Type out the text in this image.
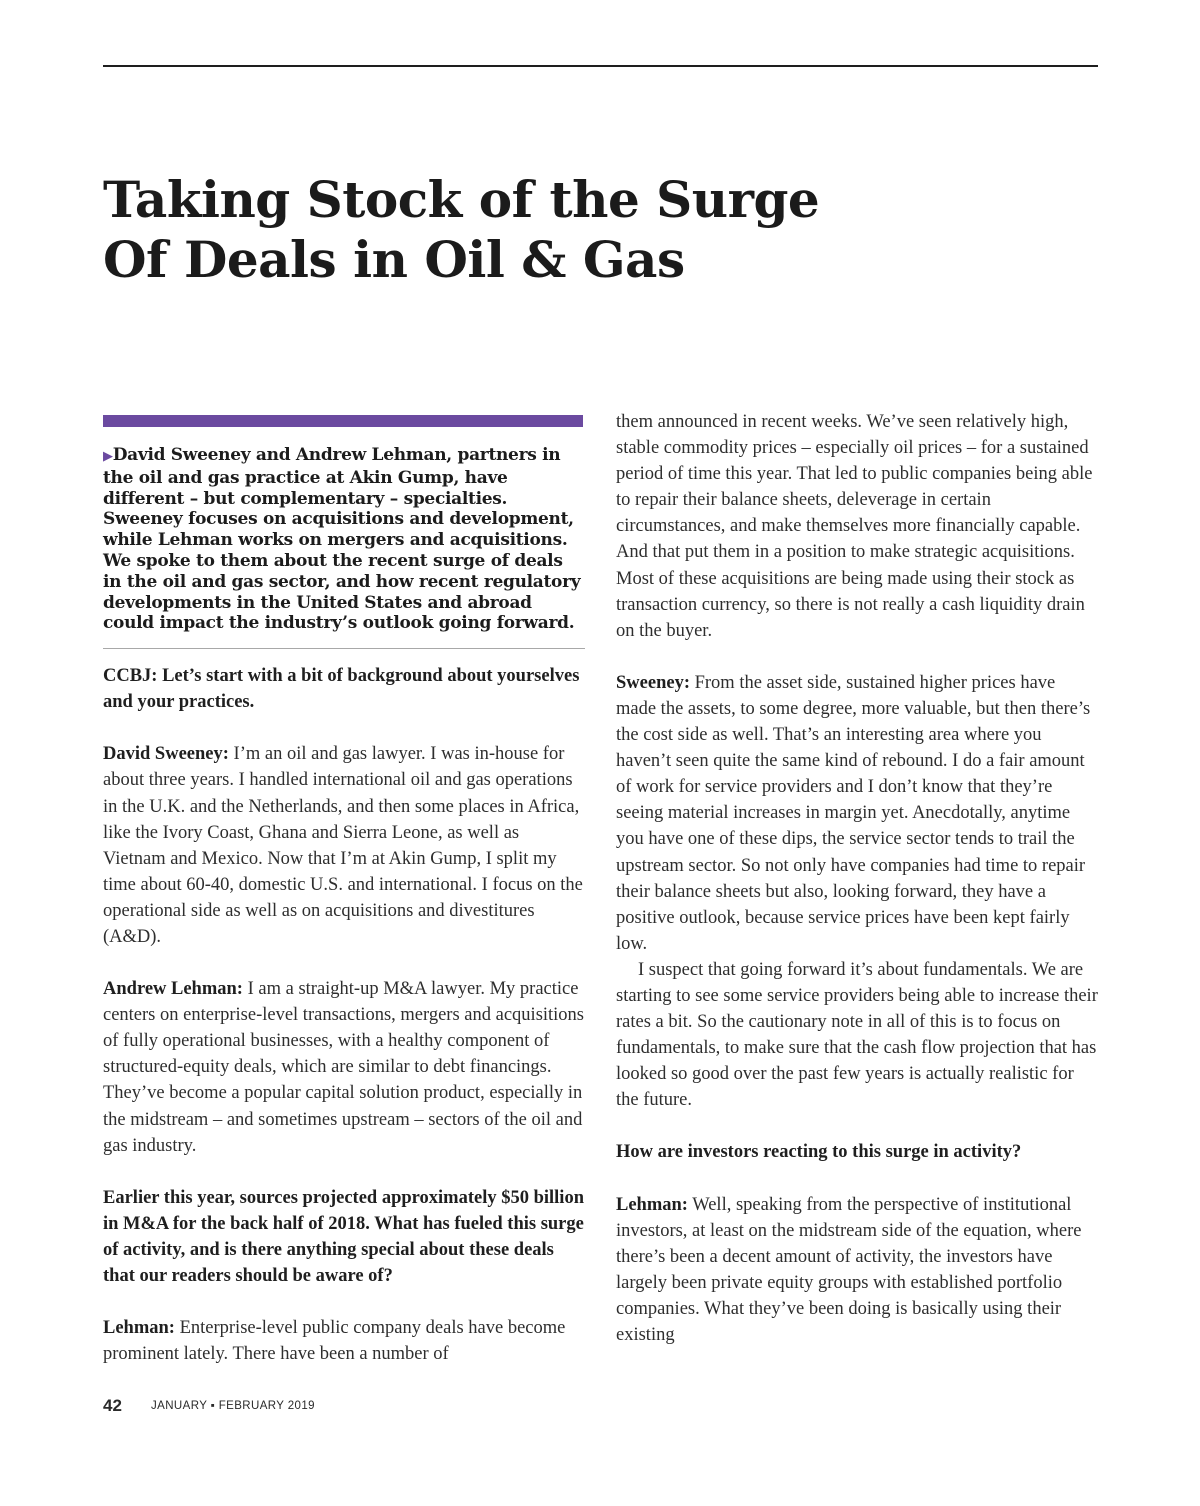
Taking Stock of the Surge
Of Deals in Oil & Gas

▶David Sweeney and Andrew Lehman, partners in the oil and gas practice at Akin Gump, have different – but complementary – specialties. Sweeney focuses on acquisitions and development, while Lehman works on mergers and acquisitions. We spoke to them about the recent surge of deals in the oil and gas sector, and how recent regulatory developments in the United States and abroad could impact the industry’s outlook going forward.

CCBJ: Let’s start with a bit of background about yourselves and your practices.

David Sweeney: I’m an oil and gas lawyer. I was in-house for about three years. I handled international oil and gas operations in the U.K. and the Netherlands, and then some places in Africa, like the Ivory Coast, Ghana and Sierra Leone, as well as Vietnam and Mexico. Now that I’m at Akin Gump, I split my time about 60-40, domestic U.S. and international. I focus on the operational side as well as on acquisitions and divestitures (A&D).

Andrew Lehman: I am a straight-up M&A lawyer. My practice centers on enterprise-level transactions, mergers and acquisitions of fully operational businesses, with a healthy component of structured-equity deals, which are similar to debt financings. They’ve become a popular capital solution product, especially in the midstream – and sometimes upstream – sectors of the oil and gas industry.

Earlier this year, sources projected approximately $50 billion in M&A for the back half of 2018. What has fueled this surge of activity, and is there anything special about these deals that our readers should be aware of?

Lehman: Enterprise-level public company deals have become prominent lately. There have been a number of

them announced in recent weeks. We’ve seen relatively high, stable commodity prices – especially oil prices – for a sustained period of time this year. That led to public companies being able to repair their balance sheets, deleverage in certain circumstances, and make themselves more financially capable. And that put them in a position to make strategic acquisitions. Most of these acquisitions are being made using their stock as transaction currency, so there is not really a cash liquidity drain on the buyer.

Sweeney: From the asset side, sustained higher prices have made the assets, to some degree, more valuable, but then there’s the cost side as well. That’s an interesting area where you haven’t seen quite the same kind of rebound. I do a fair amount of work for service providers and I don’t know that they’re seeing material increases in margin yet. Anecdotally, anytime you have one of these dips, the service sector tends to trail the upstream sector. So not only have companies had time to repair their balance sheets but also, looking forward, they have a positive outlook, because service prices have been kept fairly low.

I suspect that going forward it’s about fundamentals. We are starting to see some service providers being able to increase their rates a bit. So the cautionary note in all of this is to focus on fundamentals, to make sure that the cash flow projection that has looked so good over the past few years is actually realistic for the future.

How are investors reacting to this surge in activity?

Lehman: Well, speaking from the perspective of institutional investors, at least on the midstream side of the equation, where there’s been a decent amount of activity, the investors have largely been private equity groups with established portfolio companies. What they’ve been doing is basically using their existing

42	JANUARY ▪ FEBRUARY 2019
